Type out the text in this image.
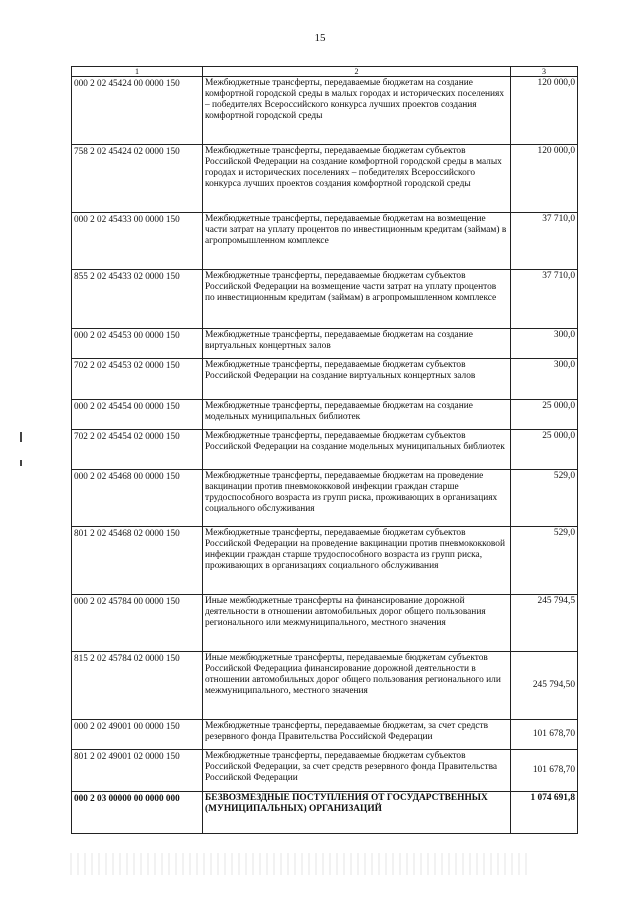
15
1	2	3
000 2 02 45424 00 0000 150	Межбюджетные трансферты, передаваемые бюджетам на создание комфортной городской среды в малых городах и исторических поселениях – победителях Всероссийского конкурса лучших проектов создания комфортной городской среды	120 000,0
758 2 02 45424 02 0000 150	Межбюджетные трансферты, передаваемые бюджетам субъектов Российской Федерации на создание комфортной городской среды в малых городах и исторических поселениях – победителях Всероссийского конкурса лучших проектов создания комфортной городской среды	120 000,0
000 2 02 45433 00 0000 150	Межбюджетные трансферты, передаваемые бюджетам на возмещение части затрат на уплату процентов по инвестиционным кредитам (займам) в агропромышленном комплексе	37 710,0
855 2 02 45433 02 0000 150	Межбюджетные трансферты, передаваемые бюджетам субъектов Российской Федерации на возмещение части затрат на уплату процентов по инвестиционным кредитам (займам) в агропромышленном комплексе	37 710,0
000 2 02 45453 00 0000 150	Межбюджетные трансферты, передаваемые бюджетам на создание виртуальных концертных залов	300,0
702 2 02 45453 02 0000 150	Межбюджетные трансферты, передаваемые бюджетам субъектов Российской Федерации на создание виртуальных концертных залов	300,0
000 2 02 45454 00 0000 150	Межбюджетные трансферты, передаваемые бюджетам на создание модельных муниципальных библиотек	25 000,0
702 2 02 45454 02 0000 150	Межбюджетные трансферты, передаваемые бюджетам субъектов Российской Федерации на создание модельных муниципальных библиотек	25 000,0
000 2 02 45468 00 0000 150	Межбюджетные трансферты, передаваемые бюджетам на проведение вакцинации против пневмококковой инфекции граждан старше трудоспособного возраста из групп риска, проживающих в организациях социального обслуживания	529,0
801 2 02 45468 02 0000 150	Межбюджетные трансферты, передаваемые бюджетам субъектов Российской Федерации на проведение вакцинации против пневмококковой инфекции граждан старше трудоспособного возраста из групп риска, проживающих в организациях социального обслуживания	529,0
000 2 02 45784 00 0000 150	Иные межбюджетные трансферты на финансирование дорожной деятельности в отношении автомобильных дорог общего пользования регионального или межмуниципального, местного значения	245 794,5
815 2 02 45784 02 0000 150	Иные межбюджетные трансферты, передаваемые бюджетам субъектов Российской Федерацииа финансирование дорожной деятельности в отношении автомобильных дорог общего пользования регионального или межмуниципального, местного значения	245 794,50
000 2 02 49001 00 0000 150	Межбюджетные трансферты, передаваемые бюджетам, за счет средств резервного фонда Правительства Российской Федерации	101 678,70
801 2 02 49001 02 0000 150	Межбюджетные трансферты, передаваемые бюджетам субъектов Российской Федерации, за счет средств резервного фонда Правительства Российской Федерации	101 678,70
000 2 03 00000 00 0000 000	БЕЗВОЗМЕЗДНЫЕ ПОСТУПЛЕНИЯ ОТ ГОСУДАРСТВЕННЫХ (МУНИЦИПАЛЬНЫХ) ОРГАНИЗАЦИЙ	1 074 691,8
